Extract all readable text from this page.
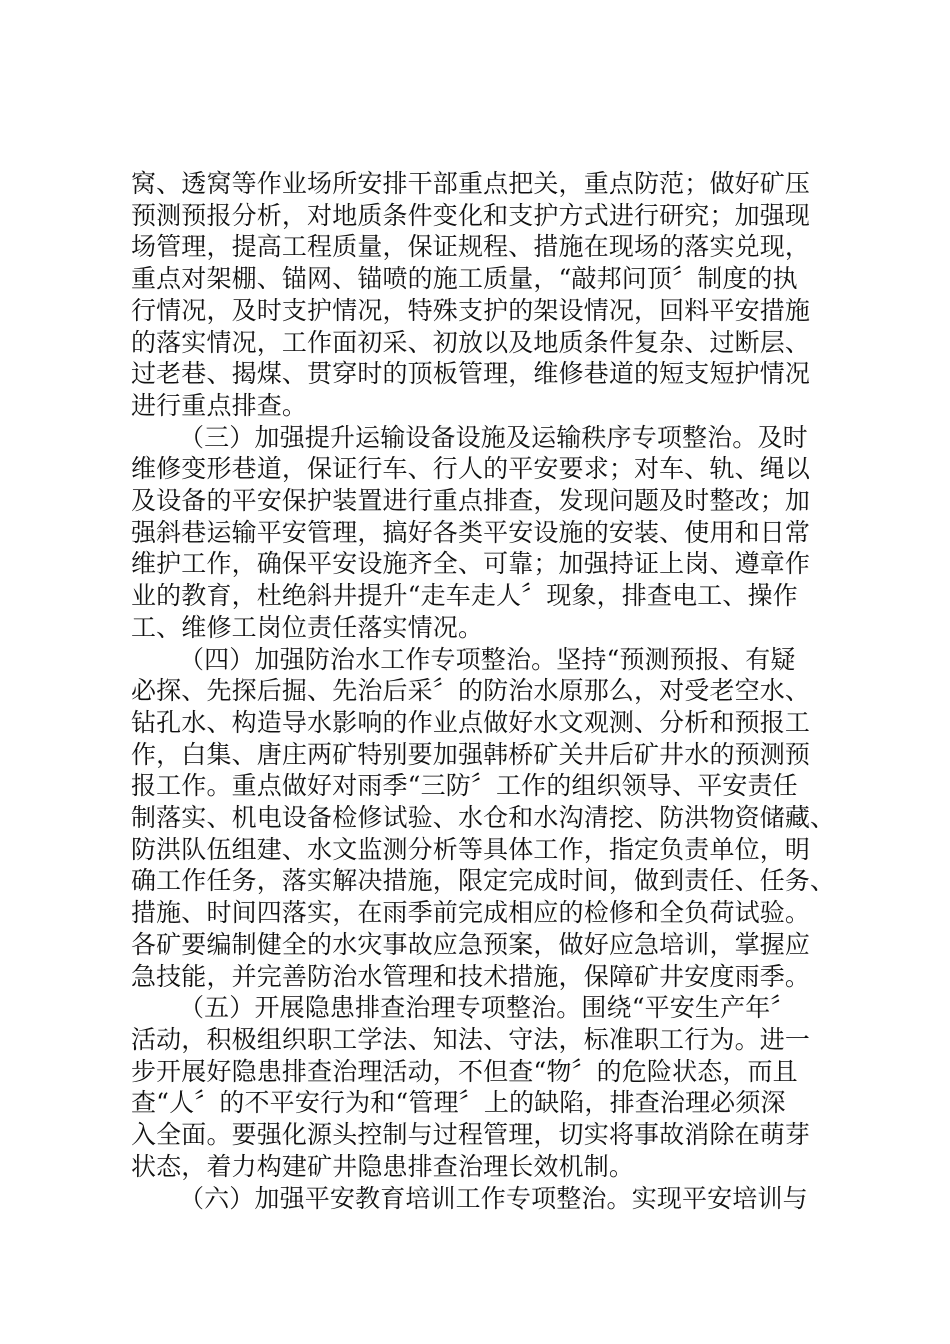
窝、透窝等作业场所安排干部重点把关，重点防范；做好矿压
预测预报分析，对地质条件变化和支护方式进行研究；加强现
场管理，提高工程质量，保证规程、措施在现场的落实兑现，
重点对架棚、锚网、锚喷的施工质量，“敲邦问顶〞制度的执
行情况，及时支护情况，特殊支护的架设情况，回料平安措施
的落实情况，工作面初采、初放以及地质条件复杂、过断层、
过老巷、揭煤、贯穿时的顶板管理，维修巷道的短支短护情况
进行重点排查。

（三）加强提升运输设备设施及运输秩序专项整治。及时
维修变形巷道，保证行车、行人的平安要求；对车、轨、绳以
及设备的平安保护装置进行重点排查，发现问题及时整改；加
强斜巷运输平安管理，搞好各类平安设施的安装、使用和日常
维护工作，确保平安设施齐全、可靠；加强持证上岗、遵章作
业的教育，杜绝斜井提升“走车走人〞现象，排查电工、操作
工、维修工岗位责任落实情况。

（四）加强防治水工作专项整治。坚持“预测预报、有疑
必探、先探后掘、先治后采〞的防治水原那么，对受老空水、
钻孔水、构造导水影响的作业点做好水文观测、分析和预报工
作，白集、唐庄两矿特别要加强韩桥矿关井后矿井水的预测预
报工作。重点做好对雨季“三防〞工作的组织领导、平安责任
制落实、机电设备检修试验、水仓和水沟清挖、防洪物资储藏、
防洪队伍组建、水文监测分析等具体工作，指定负责单位，明
确工作任务，落实解决措施，限定完成时间，做到责任、任务、
措施、时间四落实，在雨季前完成相应的检修和全负荷试验。
各矿要编制健全的水灾事故应急预案，做好应急培训，掌握应
急技能，并完善防治水管理和技术措施，保障矿井安度雨季。

（五）开展隐患排查治理专项整治。围绕“平安生产年〞
活动，积极组织职工学法、知法、守法，标准职工行为。进一
步开展好隐患排查治理活动，不但查“物〞的危险状态，而且
查“人〞的不平安行为和“管理〞上的缺陷，排查治理必须深
入全面。要强化源头控制与过程管理，切实将事故消除在萌芽
状态，着力构建矿井隐患排查治理长效机制。

（六）加强平安教育培训工作专项整治。实现平安培训与
